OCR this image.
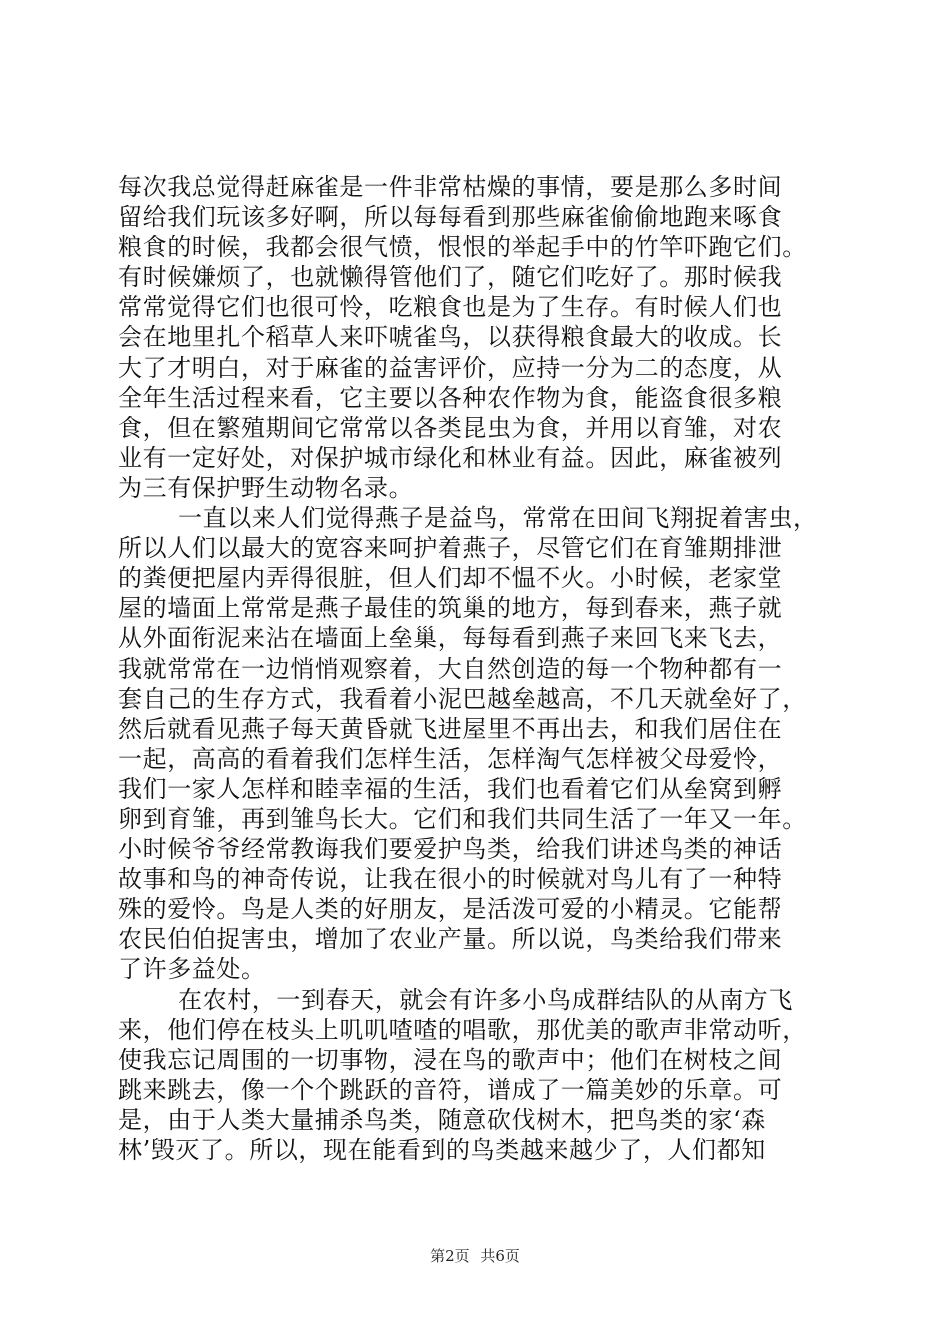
每次我总觉得赶麻雀是一件非常枯燥的事情，要是那么多时间
留给我们玩该多好啊，所以每每看到那些麻雀偷偷地跑来啄食
粮食的时候，我都会很气愤，恨恨的举起手中的竹竿吓跑它们。
有时候嫌烦了，也就懒得管他们了，随它们吃好了。那时候我
常常觉得它们也很可怜，吃粮食也是为了生存。有时候人们也
会在地里扎个稻草人来吓唬雀鸟，以获得粮食最大的收成。长
大了才明白，对于麻雀的益害评价，应持一分为二的态度，从
全年生活过程来看，它主要以各种农作物为食，能盗食很多粮
食，但在繁殖期间它常常以各类昆虫为食，并用以育雏，对农
业有一定好处，对保护城市绿化和林业有益。因此，麻雀被列
为三有保护野生动物名录。
一直以来人们觉得燕子是益鸟，常常在田间飞翔捉着害虫，
所以人们以最大的宽容来呵护着燕子，尽管它们在育雏期排泄
的粪便把屋内弄得很脏，但人们却不愠不火。小时候，老家堂
屋的墙面上常常是燕子最佳的筑巢的地方，每到春来，燕子就
从外面衔泥来沾在墙面上垒巢，每每看到燕子来回飞来飞去，
我就常常在一边悄悄观察着，大自然创造的每一个物种都有一
套自己的生存方式，我看着小泥巴越垒越高，不几天就垒好了，
然后就看见燕子每天黄昏就飞进屋里不再出去，和我们居住在
一起，高高的看着我们怎样生活，怎样淘气怎样被父母爱怜，
我们一家人怎样和睦幸福的生活，我们也看着它们从垒窝到孵
卵到育雏，再到雏鸟长大。它们和我们共同生活了一年又一年。
小时候爷爷经常教诲我们要爱护鸟类，给我们讲述鸟类的神话
故事和鸟的神奇传说，让我在很小的时候就对鸟儿有了一种特
殊的爱怜。鸟是人类的好朋友，是活泼可爱的小精灵。它能帮
农民伯伯捉害虫，增加了农业产量。所以说，鸟类给我们带来
了许多益处。
在农村，一到春天，就会有许多小鸟成群结队的从南方飞
来，他们停在枝头上叽叽喳喳的唱歌，那优美的歌声非常动听，
使我忘记周围的一切事物，浸在鸟的歌声中；他们在树枝之间
跳来跳去，像一个个跳跃的音符，谱成了一篇美妙的乐章。可
是，由于人类大量捕杀鸟类，随意砍伐树木，把鸟类的家‘森
林’毁灭了。所以，现在能看到的鸟类越来越少了，人们都知
第2页 共6页
